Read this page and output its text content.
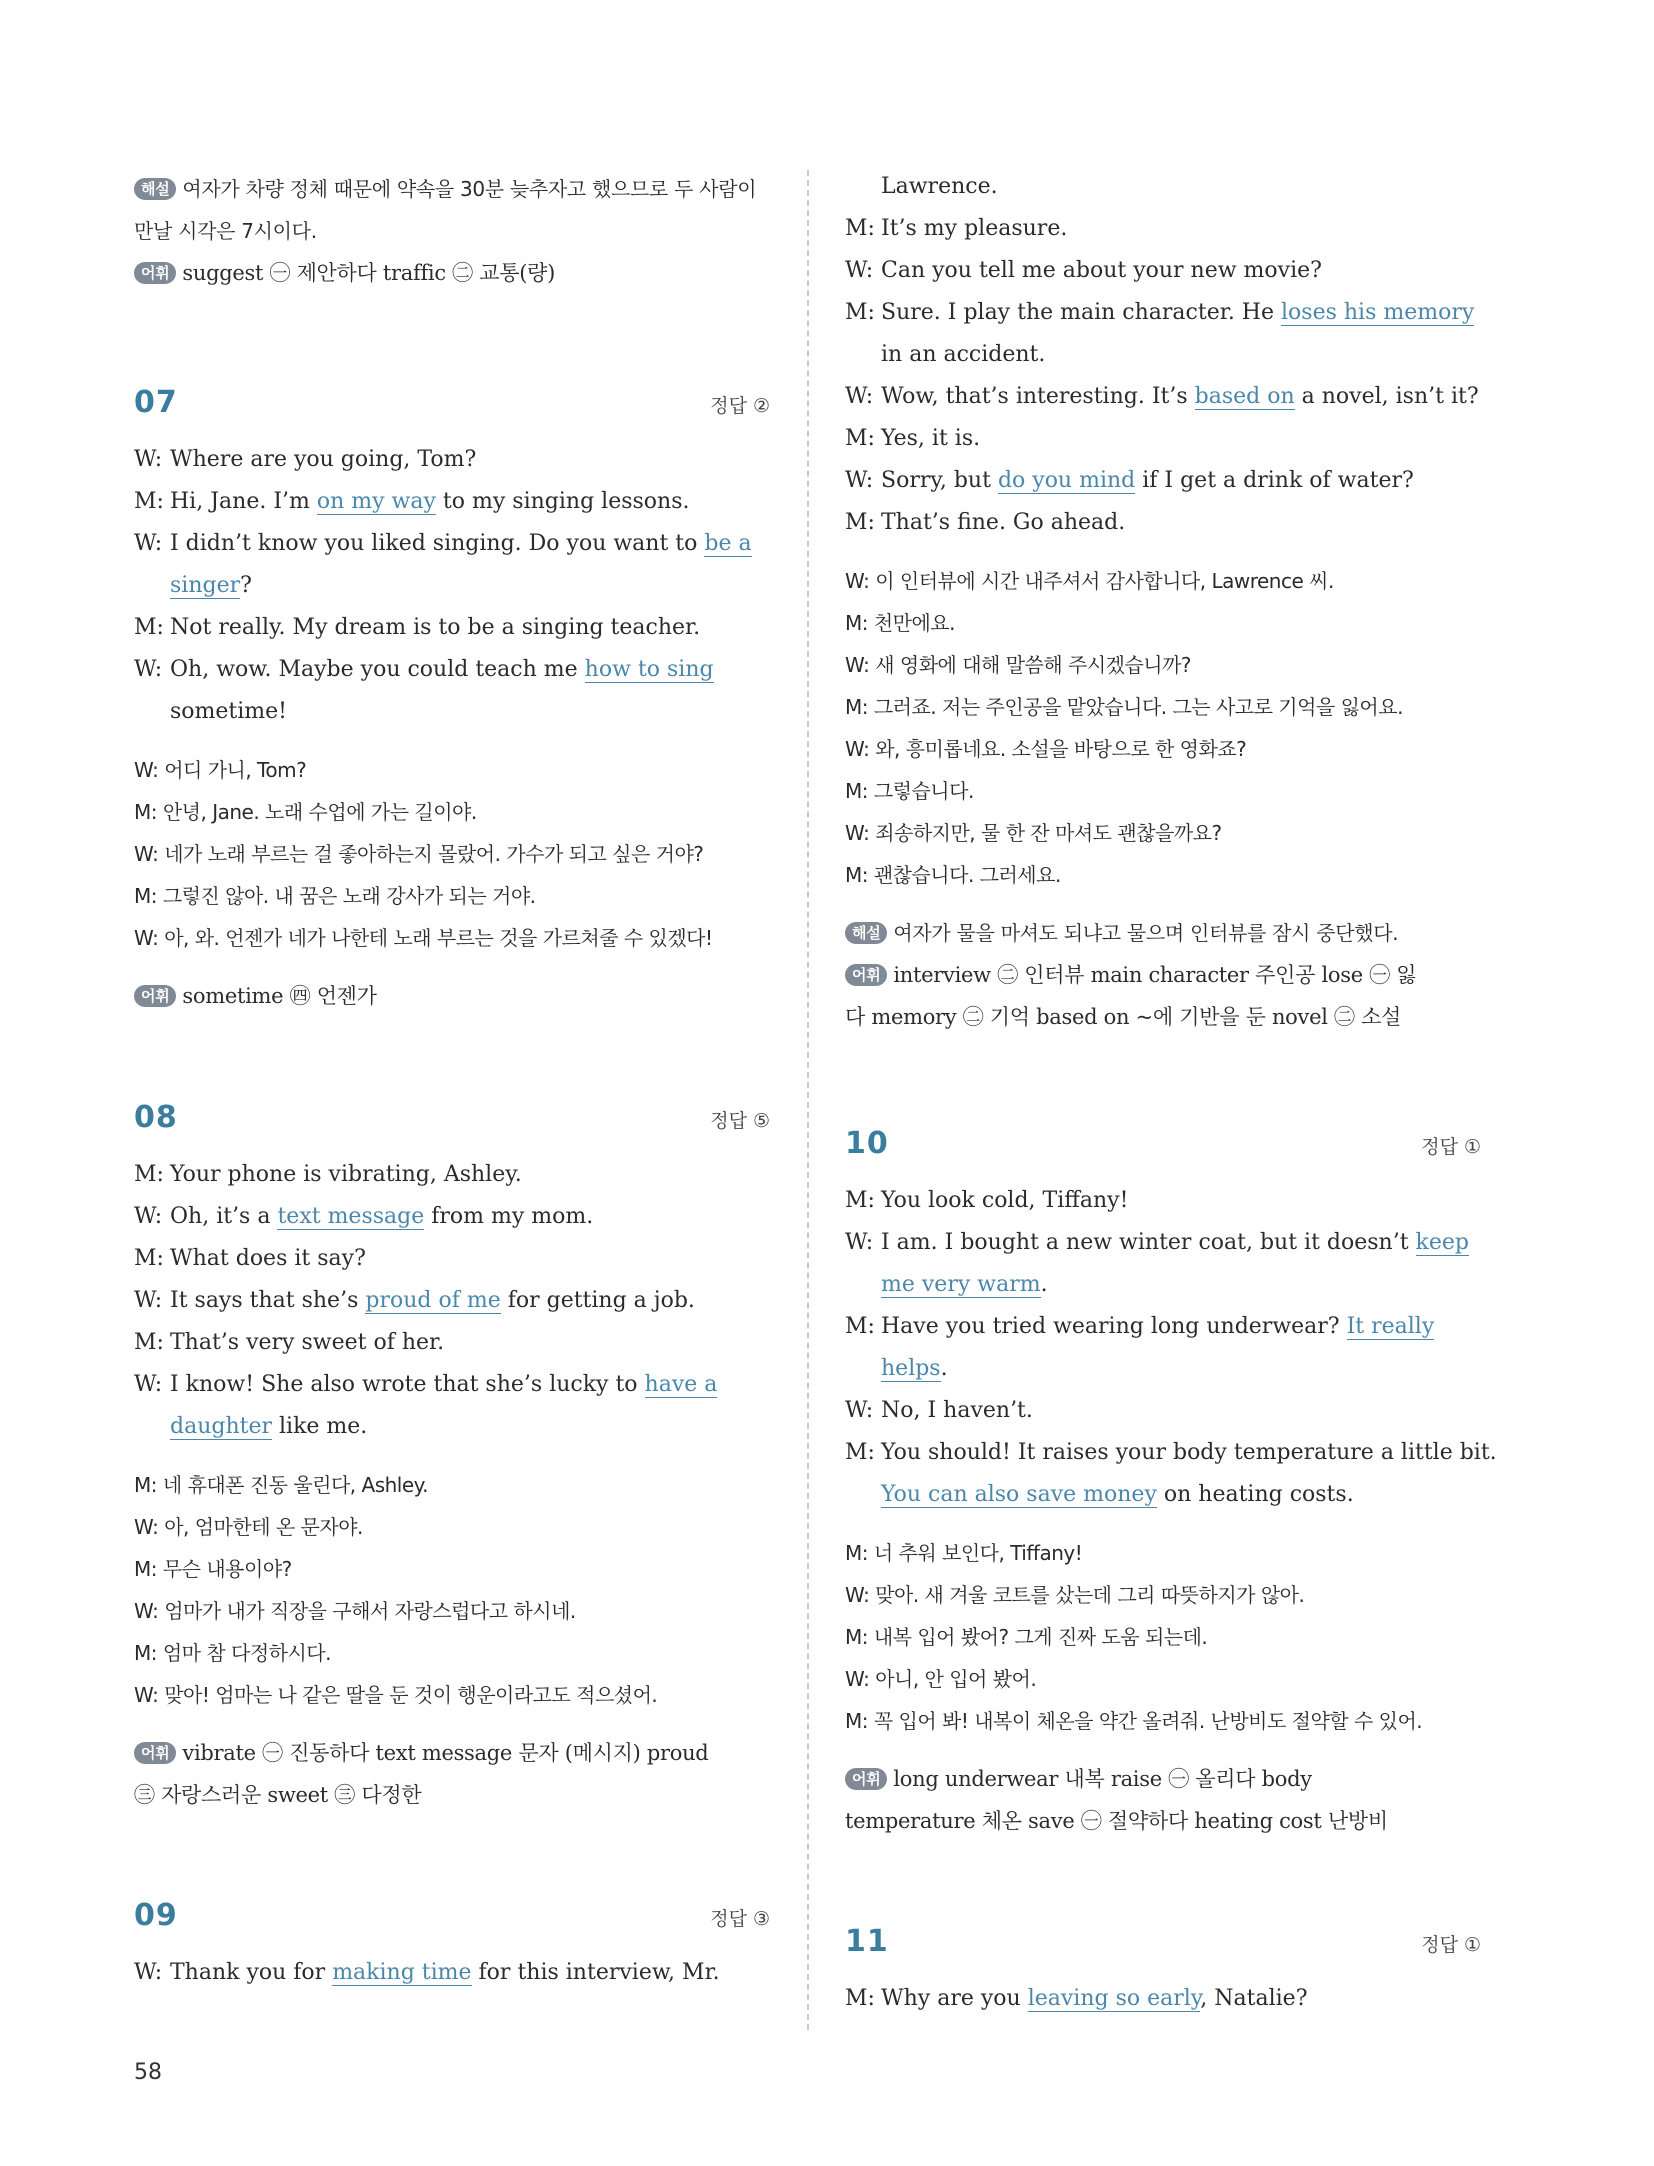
해설 여자가 차량 정체 때문에 약속을 30분 늦추자고 했으므로 두 사람이
만날 시각은 7시이다.
어휘 suggest ㊀ 제안하다 traffic ㊁ 교통(량)
07	정답 ②
W: Where are you going, Tom?
M: Hi, Jane. I’m on my way to my singing lessons.
W: I didn’t know you liked singing. Do you want to be a
singer?
M: Not really. My dream is to be a singing teacher.
W: Oh, wow. Maybe you could teach me how to sing
sometime!
W: 어디 가니, Tom?
M: 안녕, Jane. 노래 수업에 가는 길이야.
W: 네가 노래 부르는 걸 좋아하는지 몰랐어. 가수가 되고 싶은 거야?
M: 그렇진 않아. 내 꿈은 노래 강사가 되는 거야.
W: 아, 와. 언젠가 네가 나한테 노래 부르는 것을 가르쳐줄 수 있겠다!
어휘 sometime ㊃ 언젠가
08	정답 ⑤
M: Your phone is vibrating, Ashley.
W: Oh, it’s a text message from my mom.
M: What does it say?
W: It says that she’s proud of me for getting a job.
M: That’s very sweet of her.
W: I know! She also wrote that she’s lucky to have a
daughter like me.
M: 네 휴대폰 진동 울린다, Ashley.
W: 아, 엄마한테 온 문자야.
M: 무슨 내용이야?
W: 엄마가 내가 직장을 구해서 자랑스럽다고 하시네.
M: 엄마 참 다정하시다.
W: 맞아! 엄마는 나 같은 딸을 둔 것이 행운이라고도 적으셨어.
어휘 vibrate ㊀ 진동하다 text message 문자 (메시지) proud
㊂ 자랑스러운 sweet ㊂ 다정한
09	정답 ③
W: Thank you for making time for this interview, Mr.
Lawrence.
M: It’s my pleasure.
W: Can you tell me about your new movie?
M: Sure. I play the main character. He loses his memory
in an accident.
W: Wow, that’s interesting. It’s based on a novel, isn’t it?
M: Yes, it is.
W: Sorry, but do you mind if I get a drink of water?
M: That’s fine. Go ahead.
W: 이 인터뷰에 시간 내주셔서 감사합니다, Lawrence 씨.
M: 천만에요.
W: 새 영화에 대해 말씀해 주시겠습니까?
M: 그러죠. 저는 주인공을 맡았습니다. 그는 사고로 기억을 잃어요.
W: 와, 흥미롭네요. 소설을 바탕으로 한 영화죠?
M: 그렇습니다.
W: 죄송하지만, 물 한 잔 마셔도 괜찮을까요?
M: 괜찮습니다. 그러세요.
해설 여자가 물을 마셔도 되냐고 물으며 인터뷰를 잠시 중단했다.
어휘 interview ㊁ 인터뷰 main character 주인공 lose ㊀ 잃
다 memory ㊁ 기억 based on ~에 기반을 둔 novel ㊁ 소설
10	정답 ①
M: You look cold, Tiffany!
W: I am. I bought a new winter coat, but it doesn’t keep
me very warm.
M: Have you tried wearing long underwear? It really
helps.
W: No, I haven’t.
M: You should! It raises your body temperature a little bit.
You can also save money on heating costs.
M: 너 추워 보인다, Tiffany!
W: 맞아. 새 겨울 코트를 샀는데 그리 따뜻하지가 않아.
M: 내복 입어 봤어? 그게 진짜 도움 되는데.
W: 아니, 안 입어 봤어.
M: 꼭 입어 봐! 내복이 체온을 약간 올려줘. 난방비도 절약할 수 있어.
어휘 long underwear 내복 raise ㊀ 올리다 body
temperature 체온 save ㊀ 절약하다 heating cost 난방비
11	정답 ①
M: Why are you leaving so early, Natalie?
58
